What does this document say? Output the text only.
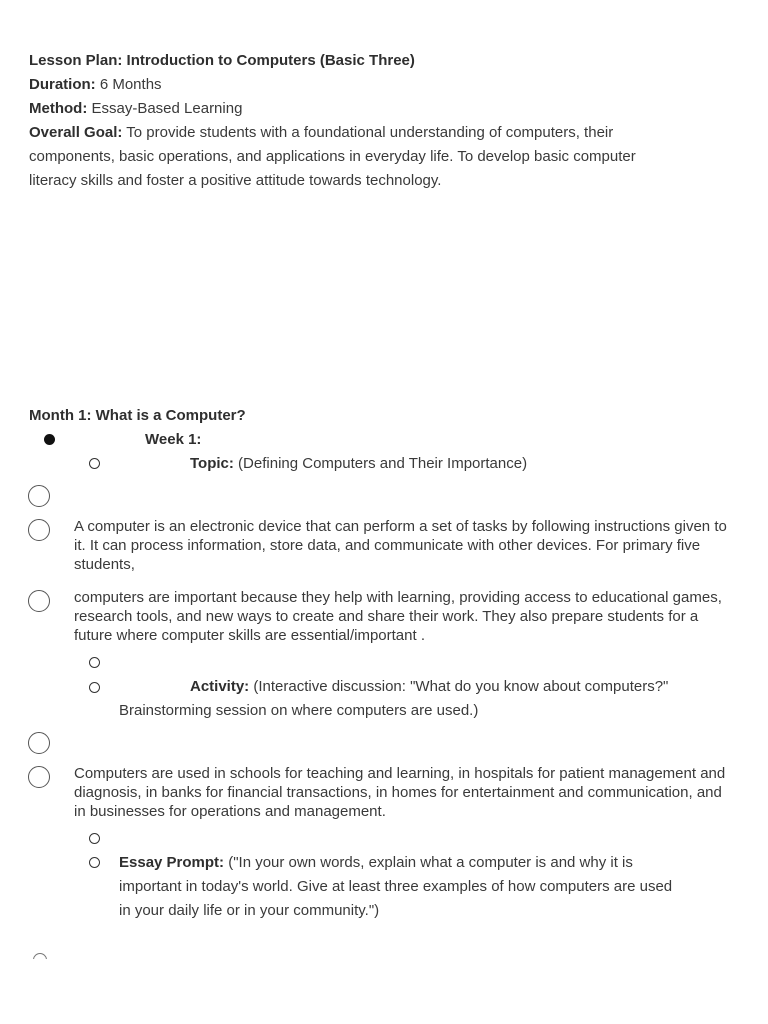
Lesson Plan: Introduction to Computers (Basic Three)
Duration: 6 Months
Method: Essay-Based Learning
Overall Goal: To provide students with a foundational understanding of computers, their
components, basic operations, and applications in everyday life. To develop basic computer
literacy skills and foster a positive attitude towards technology.
Month 1: What is a Computer?
Week 1:
Topic: (Defining Computers and Their Importance)
A computer is an electronic device that can perform a set of tasks by following instructions given to it. It can process information, store data, and communicate with other devices. For primary five students,
computers are important because they help with learning, providing access to educational games, research tools, and new ways to create and share their work. They also prepare students for a future where computer skills are essential/important .
Activity: (Interactive discussion: "What do you know about computers?"
Brainstorming session on where computers are used.)
Computers are used in schools for teaching and learning, in hospitals for patient management and diagnosis, in banks for financial transactions, in homes for entertainment and communication, and in businesses for operations and management.
Essay Prompt: ("In your own words, explain what a computer is and why it is
important in today's world. Give at least three examples of how computers are used
in your daily life or in your community.")
